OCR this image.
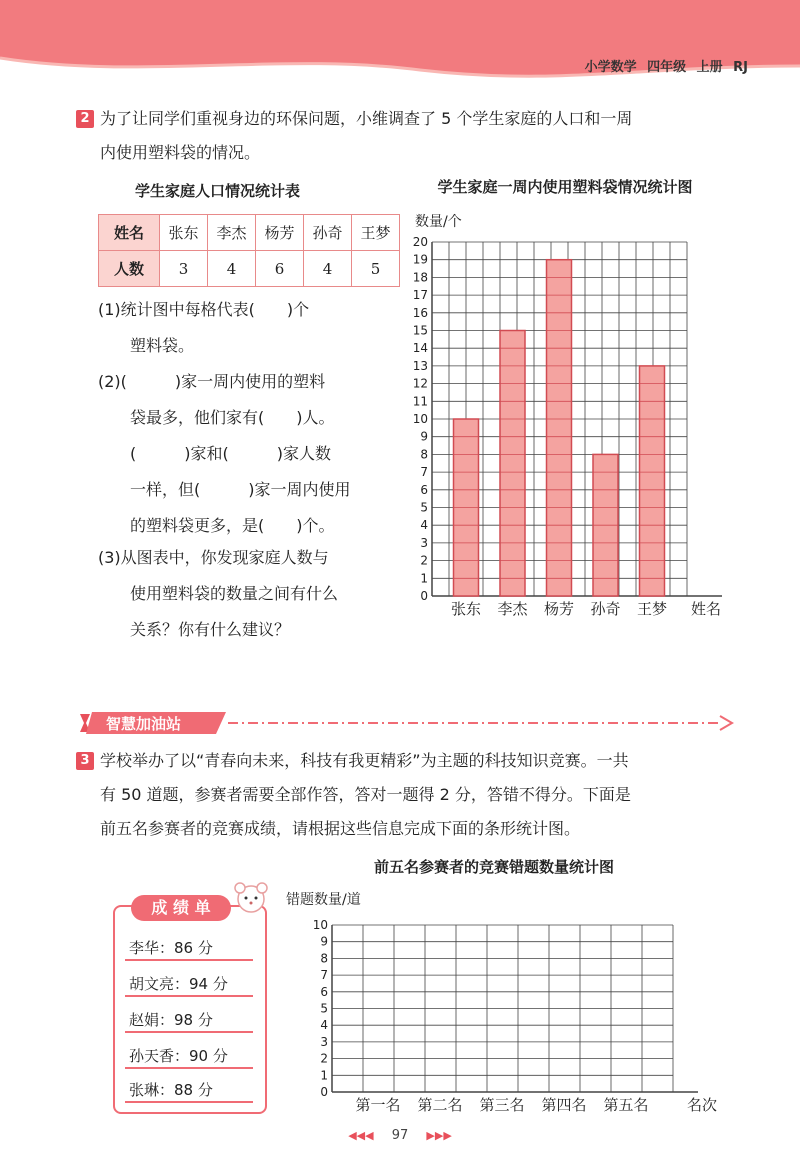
小学数学 四年级 上册 RJ
2 为了让同学们重视身边的环保问题，小维调查了 5 个学生家庭的人口和一周
内使用塑料袋的情况。
学生家庭人口情况统计表
姓名	张东	李杰	杨芳	孙奇	王梦
人数	3	4	6	4	5
(1)统计图中每格代表(　　)个
塑料袋。
(2)(　　　)家一周内使用的塑料
袋最多，他们家有(　　)人。
(　　　)家和(　　　)家人数
一样，但(　　　)家一周内使用
的塑料袋更多，是(　　)个。
(3)从图表中，你发现家庭人数与
使用塑料袋的数量之间有什么
关系？你有什么建议？
学生家庭一周内使用塑料袋情况统计图
数量/个
0
1
2
3
4
5
6
7
8
9
10
11
12
13
14
15
16
17
18
19
20
张东 李杰 杨芳 孙奇 王梦 姓名
智慧加油站
3 学校举办了以“青春向未来，科技有我更精彩”为主题的科技知识竞赛。一共
有 50 道题，参赛者需要全部作答，答对一题得 2 分，答错不得分。下面是
前五名参赛者的竞赛成绩，请根据这些信息完成下面的条形统计图。
成 绩 单
李华：86 分
胡文亮：94 分
赵娟：98 分
孙天香：90 分
张琳：88 分
前五名参赛者的竞赛错题数量统计图
错题数量/道
0
1
2
3
4
5
6
7
8
9
10
第一名 第二名 第三名 第四名 第五名	名次
◀◀◀ 97 ▶▶▶
